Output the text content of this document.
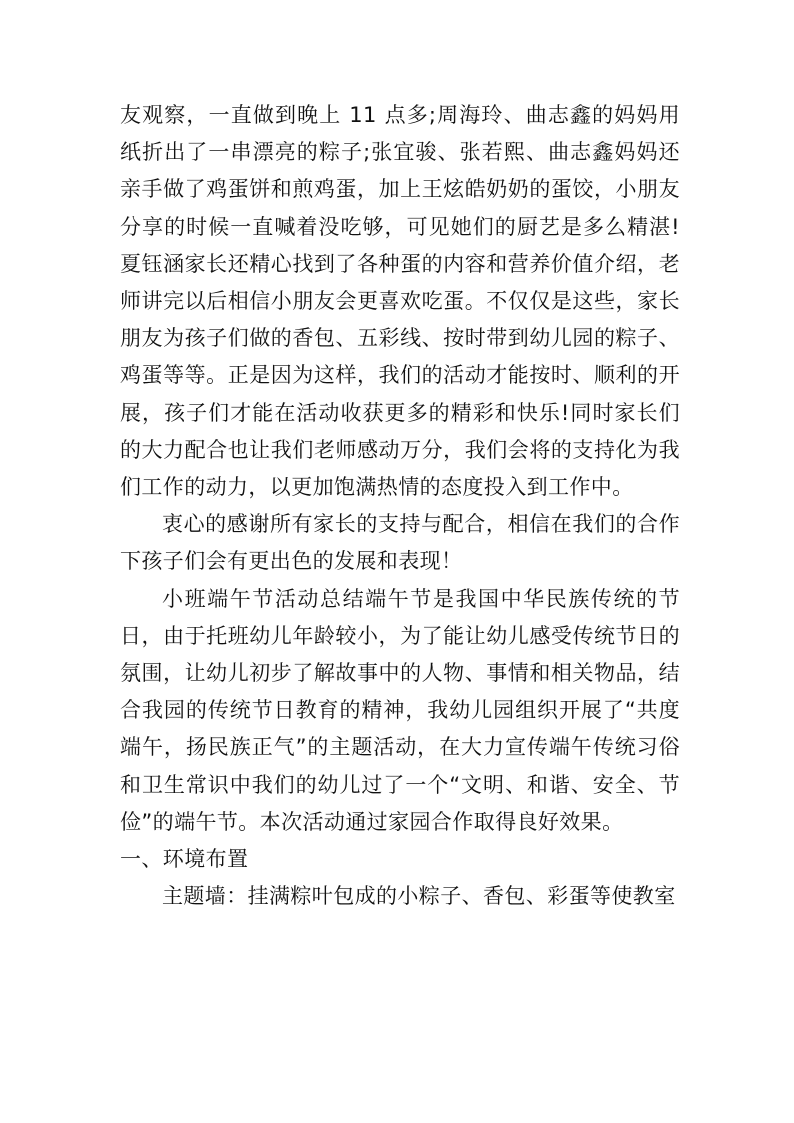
友观察，一直做到晚上 11 点多;周海玲、曲志鑫的妈妈用纸折出了一串漂亮的粽子;张宜骏、张若熙、曲志鑫妈妈还亲手做了鸡蛋饼和煎鸡蛋，加上王炫皓奶奶的蛋饺，小朋友分享的时候一直喊着没吃够，可见她们的厨艺是多么精湛!夏钰涵家长还精心找到了各种蛋的内容和营养价值介绍，老师讲完以后相信小朋友会更喜欢吃蛋。不仅仅是这些，家长朋友为孩子们做的香包、五彩线、按时带到幼儿园的粽子、鸡蛋等等。正是因为这样，我们的活动才能按时、顺利的开展，孩子们才能在活动收获更多的精彩和快乐!同时家长们的大力配合也让我们老师感动万分，我们会将的支持化为我们工作的动力，以更加饱满热情的态度投入到工作中。

衷心的感谢所有家长的支持与配合，相信在我们的合作下孩子们会有更出色的发展和表现！

小班端午节活动总结端午节是我国中华民族传统的节日，由于托班幼儿年龄较小，为了能让幼儿感受传统节日的氛围，让幼儿初步了解故事中的人物、事情和相关物品，结合我园的传统节日教育的精神，我幼儿园组织开展了“共度端午，扬民族正气”的主题活动，在大力宣传端午传统习俗和卫生常识中我们的幼儿过了一个“文明、和谐、安全、节俭”的端午节。本次活动通过家园合作取得良好效果。

一、环境布置

主题墙：挂满粽叶包成的小粽子、香包、彩蛋等使教室
